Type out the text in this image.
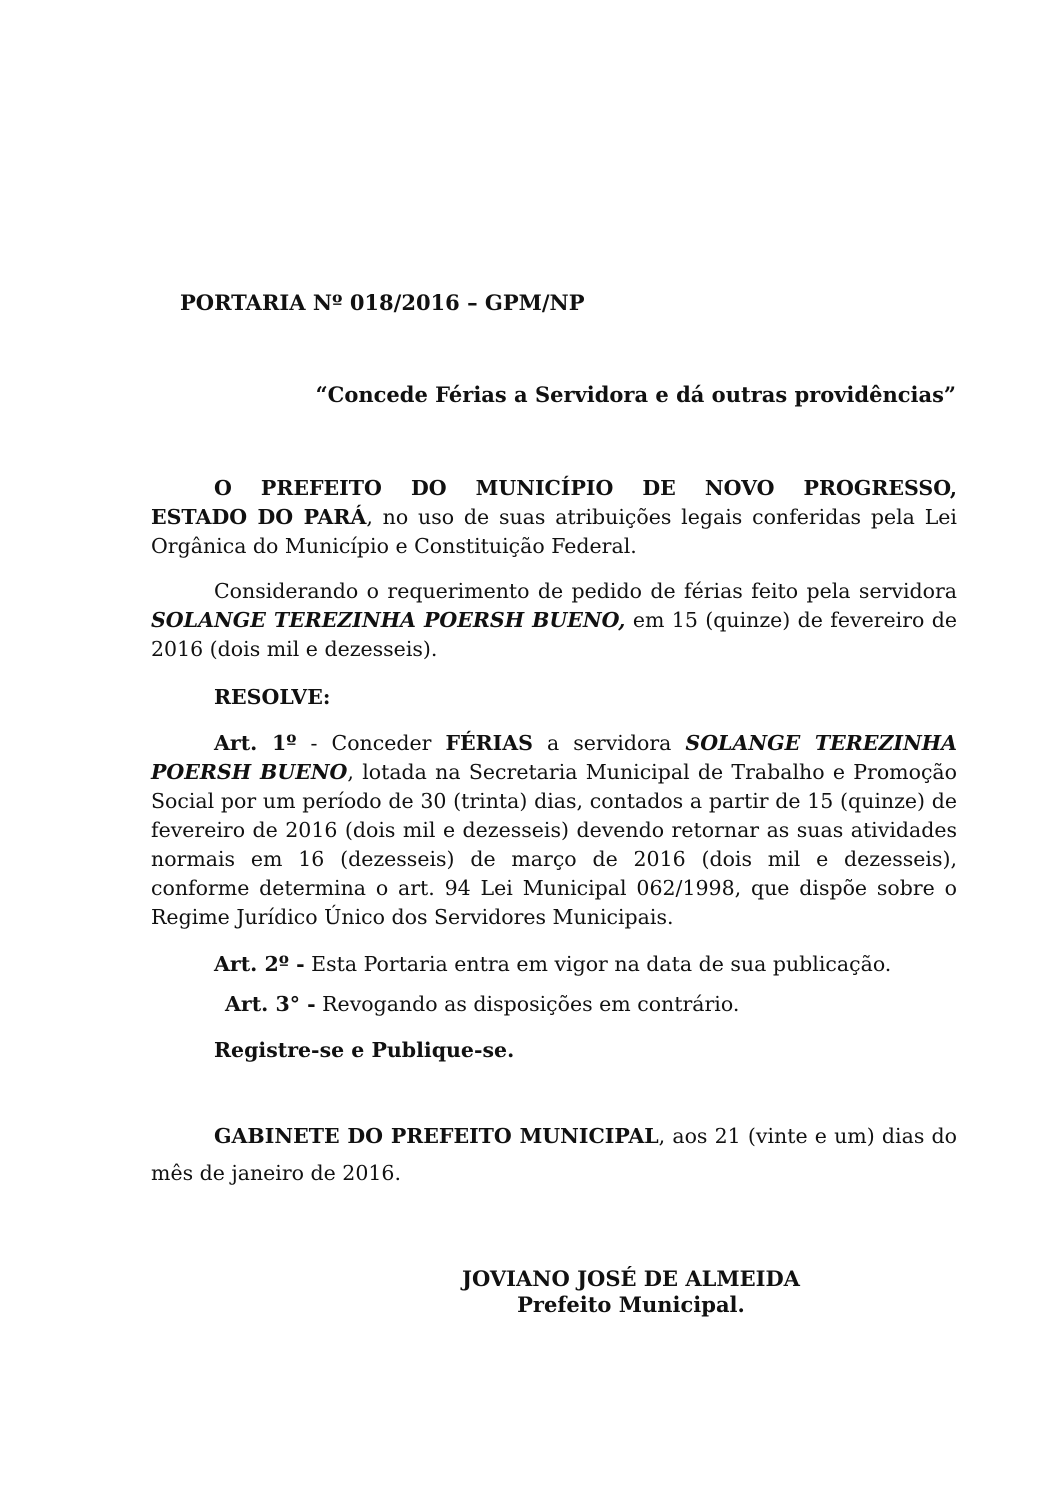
PORTARIA Nº 018/2016 – GPM/NP

“Concede Férias a Servidora e dá outras providências”

O PREFEITO DO MUNICÍPIO DE NOVO PROGRESSO,
ESTADO DO PARÁ, no uso de suas atribuições legais conferidas pela Lei Orgânica do Município e Constituição Federal.

Considerando o requerimento de pedido de férias feito pela servidora SOLANGE TEREZINHA POERSH BUENO, em 15 (quinze) de fevereiro de 2016 (dois mil e dezesseis).

RESOLVE:

Art. 1º - Conceder FÉRIAS a servidora SOLANGE TEREZINHA POERSH BUENO, lotada na Secretaria Municipal de Trabalho e Promoção Social por um período de 30 (trinta) dias, contados a partir de 15 (quinze) de fevereiro de 2016 (dois mil e dezesseis) devendo retornar as suas atividades normais em 16 (dezesseis) de março de 2016 (dois mil e dezesseis), conforme determina o art. 94 Lei Municipal 062/1998, que dispõe sobre o Regime Jurídico Único dos Servidores Municipais.

Art. 2º - Esta Portaria entra em vigor na data de sua publicação.

Art. 3° - Revogando as disposições em contrário.

Registre-se e Publique-se.

GABINETE DO PREFEITO MUNICIPAL, aos 21 (vinte e um) dias do mês de janeiro de 2016.

JOVIANO JOSÉ DE ALMEIDA
Prefeito Municipal.
